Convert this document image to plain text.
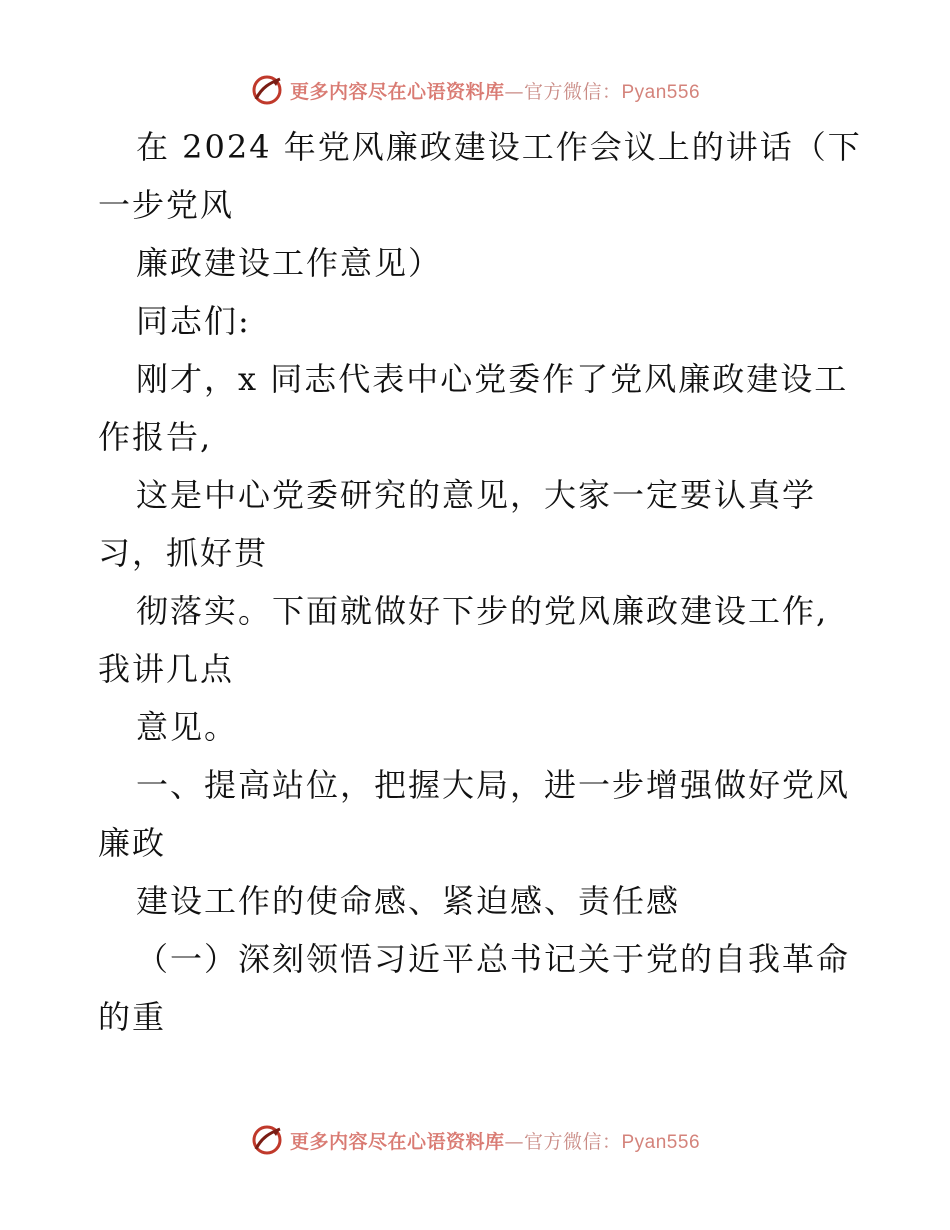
更多内容尽在心语资料库—官方微信：Pyan556
在 2024 年党风廉政建设工作会议上的讲话（下
一步党风
廉政建设工作意见）
同志们:
刚才，x 同志代表中心党委作了党风廉政建设工
作报告,
这是中心党委研究的意见，大家一定要认真学
习，抓好贯
彻落实。下面就做好下步的党风廉政建设工作,
我讲几点
意见。
一、提高站位，把握大局，进一步增强做好党风
廉政
建设工作的使命感、紧迫感、责任感
（一）深刻领悟习近平总书记关于党的自我革命
的重
更多内容尽在心语资料库—官方微信：Pyan556
